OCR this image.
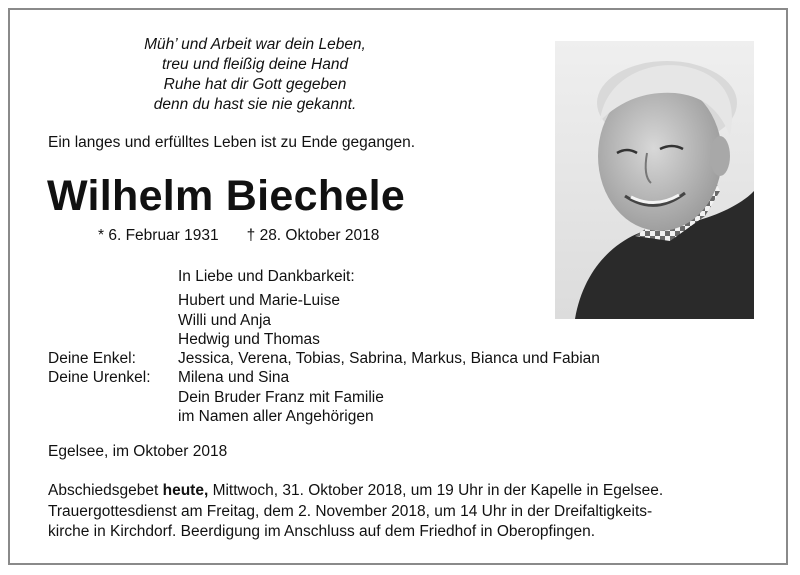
Müh’ und Arbeit war dein Leben,
treu und fleißig deine Hand
Ruhe hat dir Gott gegeben
denn du hast sie nie gekannt.

Ein langes und erfülltes Leben ist zu Ende gegangen.

Wilhelm Biechele

* 6. Februar 1931 † 28. Oktober 2018

In Liebe und Dankbarkeit:
Hubert und Marie-Luise
Willi und Anja
Hedwig und Thomas
Deine Enkel:	Jessica, Verena, Tobias, Sabrina, Markus, Bianca und Fabian
Deine Urenkel:	Milena und Sina
Dein Bruder Franz mit Familie
im Namen aller Angehörigen

Egelsee, im Oktober 2018

Abschiedsgebet heute, Mittwoch, 31. Oktober 2018, um 19 Uhr in der Kapelle in Egelsee.

Trauergottesdienst am Freitag, dem 2. November 2018, um 14 Uhr in der Dreifaltigkeits-

kirche in Kirchdorf. Beerdigung im Anschluss auf dem Friedhof in Oberopfingen.
